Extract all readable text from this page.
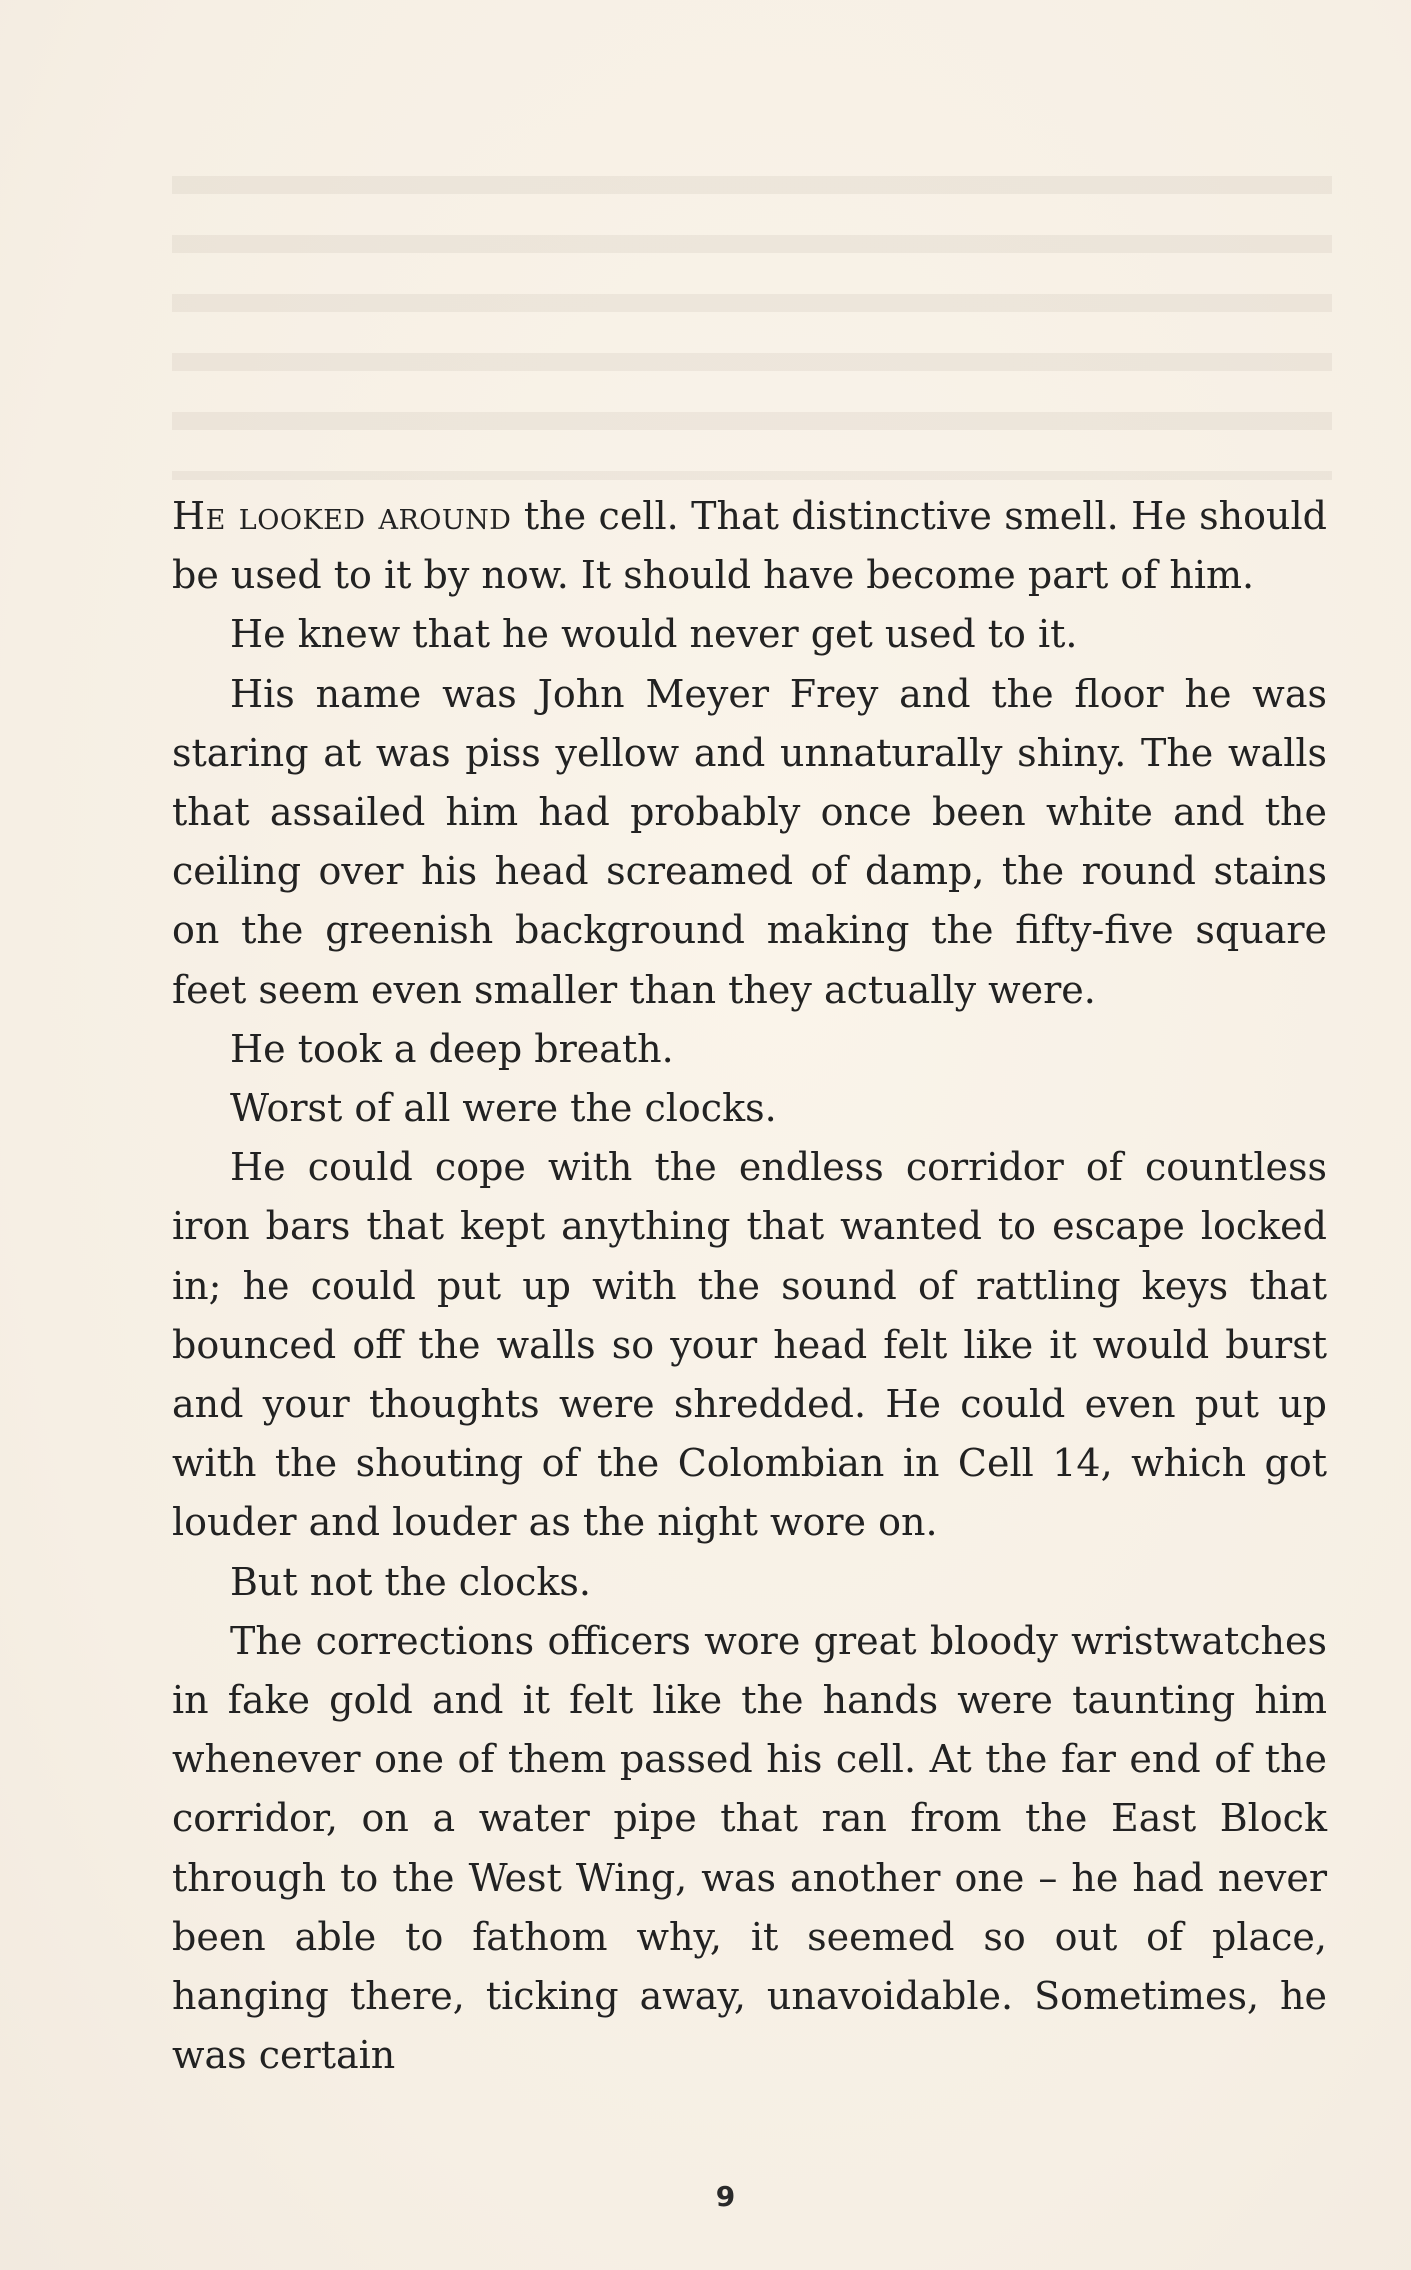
He looked around the cell. That distinctive smell. He should be used to it by now. It should have become part of him.

He knew that he would never get used to it.

His name was John Meyer Frey and the floor he was staring at was piss yellow and unnaturally shiny. The walls that assailed him had probably once been white and the ceiling over his head screamed of damp, the round stains on the greenish background making the fifty-five square feet seem even smaller than they actually were.

He took a deep breath.

Worst of all were the clocks.

He could cope with the endless corridor of countless iron bars that kept anything that wanted to escape locked in; he could put up with the sound of rattling keys that bounced off the walls so your head felt like it would burst and your thoughts were shredded. He could even put up with the shouting of the Colombian in Cell 14, which got louder and louder as the night wore on.

But not the clocks.

The corrections officers wore great bloody wristwatches in fake gold and it felt like the hands were taunting him whenever one of them passed his cell. At the far end of the corridor, on a water pipe that ran from the East Block through to the West Wing, was another one – he had never been able to fathom why, it seemed so out of place, hanging there, ticking away, unavoidable. Sometimes, he was certain

9
